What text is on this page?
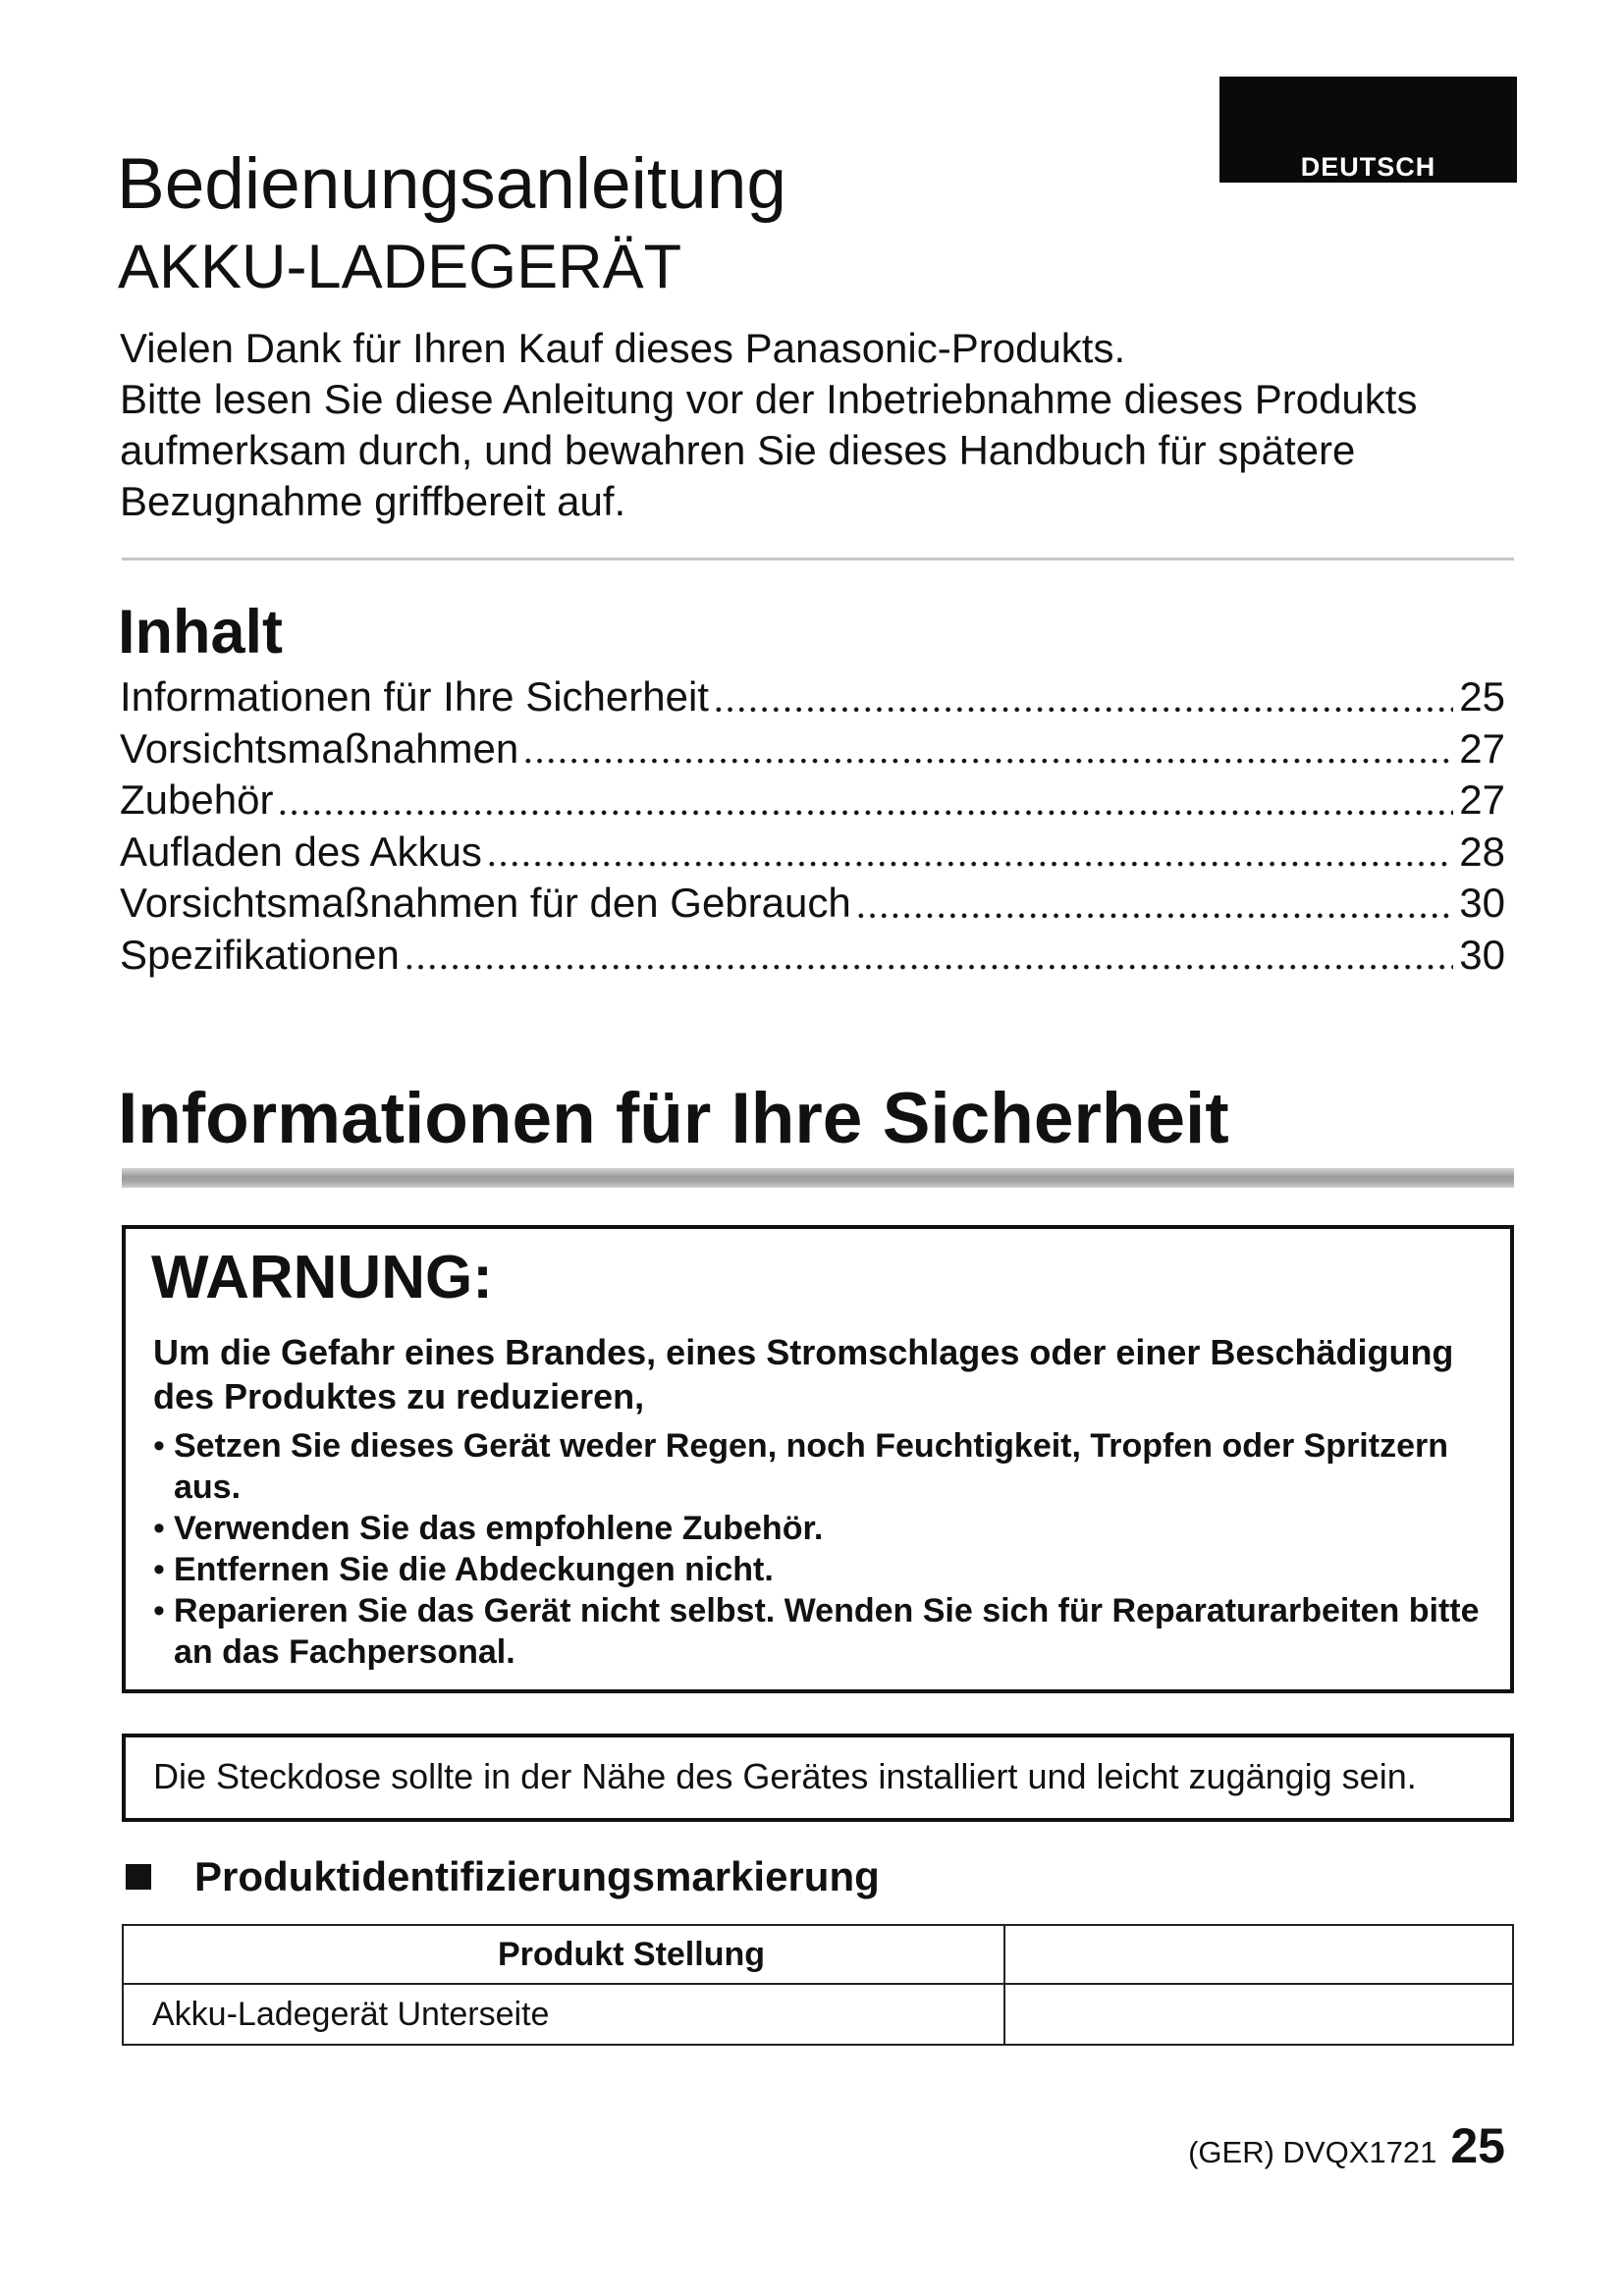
DEUTSCH
Bedienungsanleitung
AKKU-LADEGERÄT
Vielen Dank für Ihren Kauf dieses Panasonic-Produkts.
Bitte lesen Sie diese Anleitung vor der Inbetriebnahme dieses Produkts
aufmerksam durch, und bewahren Sie dieses Handbuch für spätere
Bezugnahme griffbereit auf.
Inhalt
Informationen für Ihre Sicherheit	25
Vorsichtsmaßnahmen	27
Zubehör	27
Aufladen des Akkus	28
Vorsichtsmaßnahmen für den Gebrauch	30
Spezifikationen	30
Informationen für Ihre Sicherheit
WARNUNG:
Um die Gefahr eines Brandes, eines Stromschlages oder einer Beschädigung des Produktes zu reduzieren,
• Setzen Sie dieses Gerät weder Regen, noch Feuchtigkeit, Tropfen oder Spritzern aus.
• Verwenden Sie das empfohlene Zubehör.
• Entfernen Sie die Abdeckungen nicht.
• Reparieren Sie das Gerät nicht selbst. Wenden Sie sich für Reparaturarbeiten bitte an das Fachpersonal.
Die Steckdose sollte in der Nähe des Gerätes installiert und leicht zugängig sein.
Produktidentifizierungsmarkierung
Produkt Stellung	

Akku-Ladegerät Unterseite	

(GER) DVQX1721 25
